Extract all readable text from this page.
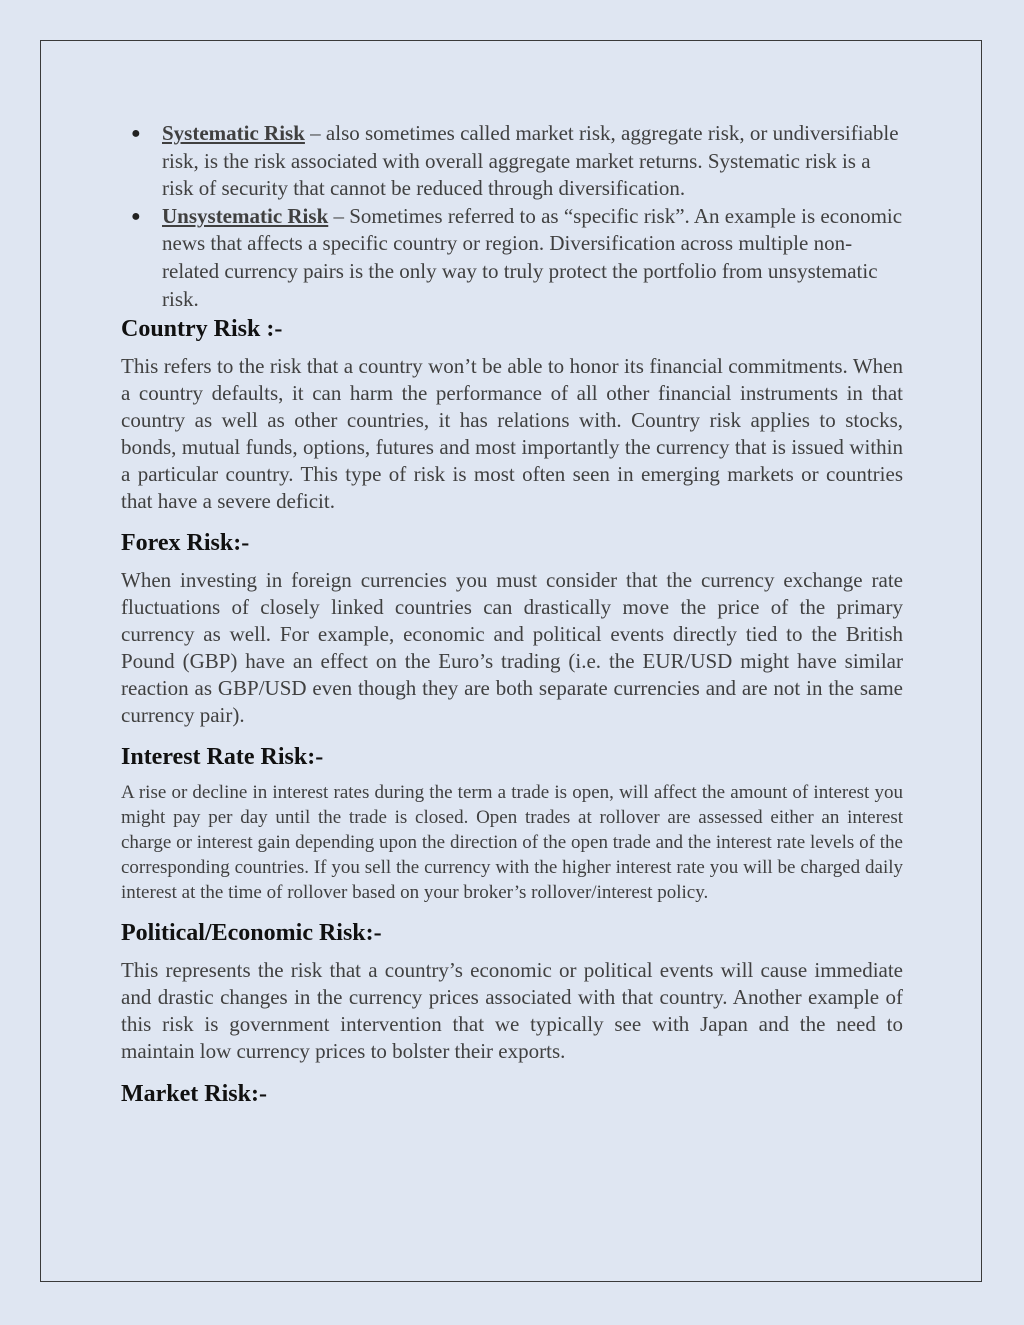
● Systematic Risk – also sometimes called market risk, aggregate risk, or undiversifiable risk, is the risk associated with overall aggregate market returns. Systematic risk is a risk of security that cannot be reduced through diversification.
● Unsystematic Risk – Sometimes referred to as “specific risk”. An example is economic news that affects a specific country or region. Diversification across multiple non-related currency pairs is the only way to truly protect the portfolio from unsystematic risk.
Country Risk :-

This refers to the risk that a country won’t be able to honor its financial commitments. When a country defaults, it can harm the performance of all other financial instruments in that country as well as other countries, it has relations with. Country risk applies to stocks, bonds, mutual funds, options, futures and most importantly the currency that is issued within a particular country. This type of risk is most often seen in emerging markets or countries that have a severe deficit.

Forex Risk:-

When investing in foreign currencies you must consider that the currency exchange rate fluctuations of closely linked countries can drastically move the price of the primary currency as well. For example, economic and political events directly tied to the British Pound (GBP) have an effect on the Euro’s trading (i.e. the EUR/USD might have similar reaction as GBP/USD even though they are both separate currencies and are not in the same currency pair).

Interest Rate Risk:-

A rise or decline in interest rates during the term a trade is open, will affect the amount of interest you might pay per day until the trade is closed. Open trades at rollover are assessed either an interest charge or interest gain depending upon the direction of the open trade and the interest rate levels of the corresponding countries. If you sell the currency with the higher interest rate you will be charged daily interest at the time of rollover based on your broker’s rollover/interest policy.

Political/Economic Risk:-

This represents the risk that a country’s economic or political events will cause immediate and drastic changes in the currency prices associated with that country. Another example of this risk is government intervention that we typically see with Japan and the need to maintain low currency prices to bolster their exports.

Market Risk:-
